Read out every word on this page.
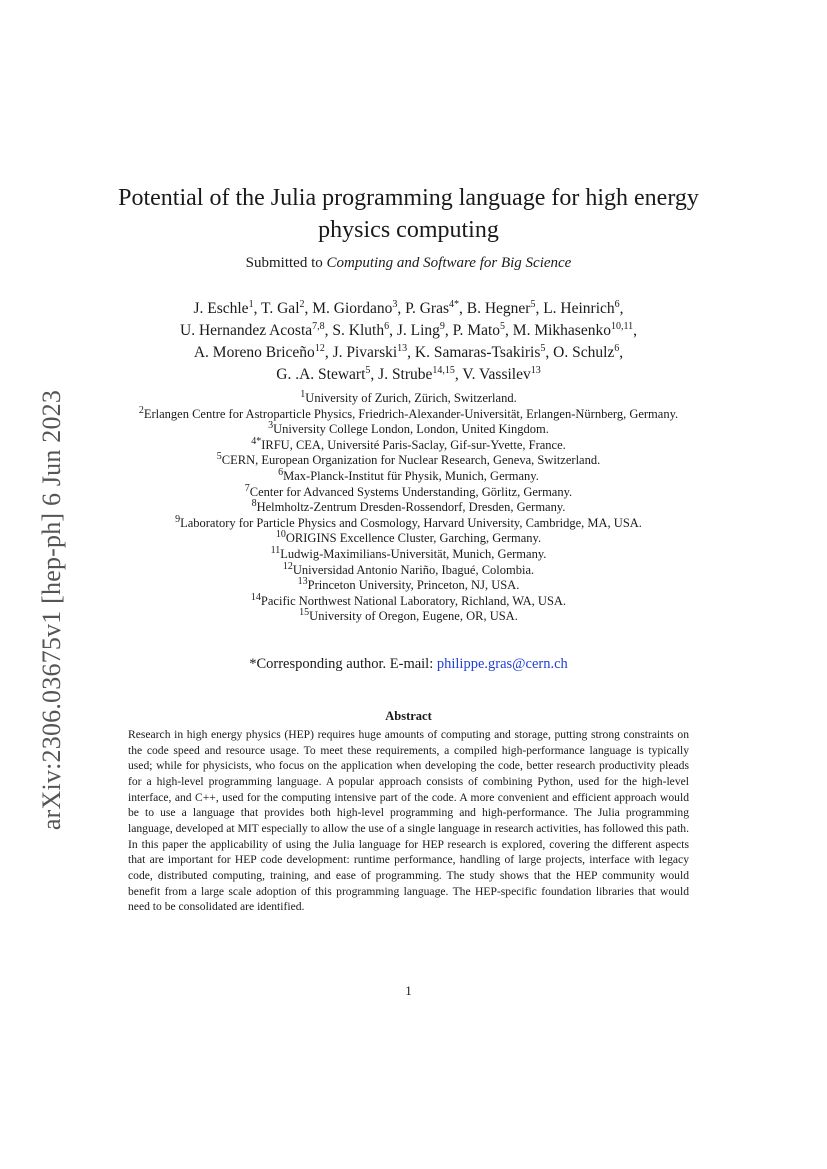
arXiv:2306.03675v1 [hep-ph] 6 Jun 2023
Potential of the Julia programming language for high energy physics computing
Submitted to Computing and Software for Big Science
J. Eschle$^1$, T. Gal$^2$, M. Giordano$^3$, P. Gras$^{4*}$, B. Hegner$^5$, L. Heinrich$^6$,
U. Hernandez Acosta$^{7,8}$, S. Kluth$^6$, J. Ling$^9$, P. Mato$^5$, M. Mikhasenko$^{10,11}$,
A. Moreno Briceño$^{12}$, J. Pivarski$^{13}$, K. Samaras-Tsakiris$^5$, O. Schulz$^6$,
G. .A. Stewart$^5$, J. Strube$^{14,15}$, V. Vassilev$^{13}$
$^1$University of Zurich, Zürich, Switzerland.
$^2$Erlangen Centre for Astroparticle Physics, Friedrich-Alexander-Universität, Erlangen-Nürnberg, Germany.
$^3$University College London, London, United Kingdom.
$^{4*}$IRFU, CEA, Université Paris-Saclay, Gif-sur-Yvette, France.
$^5$CERN, European Organization for Nuclear Research, Geneva, Switzerland.
$^6$Max-Planck-Institut für Physik, Munich, Germany.
$^7$Center for Advanced Systems Understanding, Görlitz, Germany.
$^8$Helmholtz-Zentrum Dresden-Rossendorf, Dresden, Germany.
$^9$Laboratory for Particle Physics and Cosmology, Harvard University, Cambridge, MA, USA.
$^{10}$ORIGINS Excellence Cluster, Garching, Germany.
$^{11}$Ludwig-Maximilians-Universität, Munich, Germany.
$^{12}$Universidad Antonio Nariño, Ibagué, Colombia.
$^{13}$Princeton University, Princeton, NJ, USA.
$^{14}$Pacific Northwest National Laboratory, Richland, WA, USA.
$^{15}$University of Oregon, Eugene, OR, USA.
*Corresponding author. E-mail: philippe.gras@cern.ch
Abstract
Research in high energy physics (HEP) requires huge amounts of computing and storage, putting strong constraints on the code speed and resource usage. To meet these requirements, a compiled high-performance language is typically used; while for physicists, who focus on the application when developing the code, better research productivity pleads for a high-level programming language. A popular approach consists of combining Python, used for the high-level interface, and C++, used for the computing intensive part of the code. A more convenient and efficient approach would be to use a language that provides both high-level programming and high-performance. The Julia programming language, developed at MIT especially to allow the use of a single language in research activities, has followed this path. In this paper the applicability of using the Julia language for HEP research is explored, covering the different aspects that are important for HEP code development: runtime performance, handling of large projects, interface with legacy code, distributed computing, training, and ease of programming. The study shows that the HEP community would benefit from a large scale adoption of this programming language. The HEP-specific foundation libraries that would need to be consolidated are identified.
1
